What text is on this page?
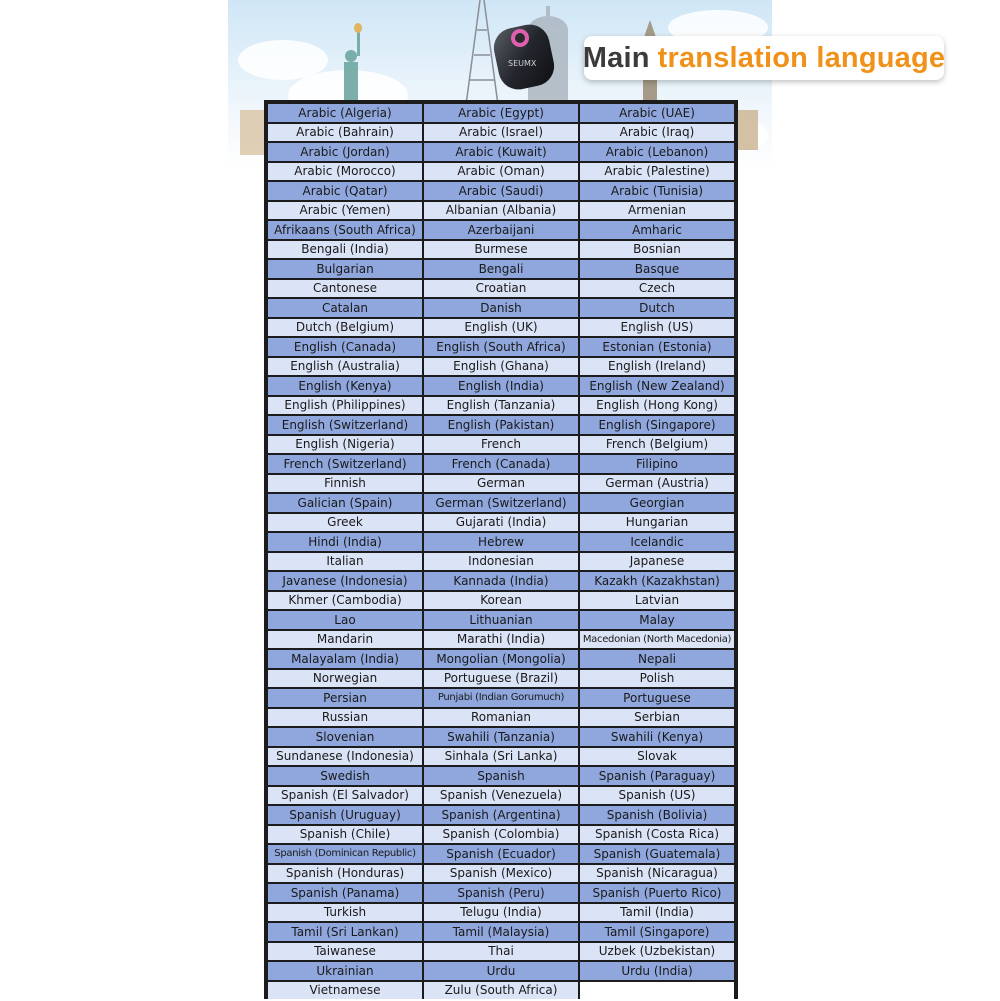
SEUMX Main translation language
Arabic (Algeria)	Arabic (Egypt)	Arabic (UAE)
Arabic (Bahrain)	Arabic (Israel)	Arabic (Iraq)
Arabic (Jordan)	Arabic (Kuwait)	Arabic (Lebanon)
Arabic (Morocco)	Arabic (Oman)	Arabic (Palestine)
Arabic (Qatar)	Arabic (Saudi)	Arabic (Tunisia)
Arabic (Yemen)	Albanian (Albania)	Armenian
Afrikaans (South Africa)	Azerbaijani	Amharic
Bengali (India)	Burmese	Bosnian
Bulgarian	Bengali	Basque
Cantonese	Croatian	Czech
Catalan	Danish	Dutch
Dutch (Belgium)	English (UK)	English (US)
English (Canada)	English (South Africa)	Estonian (Estonia)
English (Australia)	English (Ghana)	English (Ireland)
English (Kenya)	English (India)	English (New Zealand)
English (Philippines)	English (Tanzania)	English (Hong Kong)
English (Switzerland)	English (Pakistan)	English (Singapore)
English (Nigeria)	French	French (Belgium)
French (Switzerland)	French (Canada)	Filipino
Finnish	German	German (Austria)
Galician (Spain)	German (Switzerland)	Georgian
Greek	Gujarati (India)	Hungarian
Hindi (India)	Hebrew	Icelandic
Italian	Indonesian	Japanese
Javanese (Indonesia)	Kannada (India)	Kazakh (Kazakhstan)
Khmer (Cambodia)	Korean	Latvian
Lao	Lithuanian	Malay
Mandarin	Marathi (India)	Macedonian (North Macedonia)
Malayalam (India)	Mongolian (Mongolia)	Nepali
Norwegian	Portuguese (Brazil)	Polish
Persian	Punjabi (Indian Gorumuch)	Portuguese
Russian	Romanian	Serbian
Slovenian	Swahili (Tanzania)	Swahili (Kenya)
Sundanese (Indonesia)	Sinhala (Sri Lanka)	Slovak
Swedish	Spanish	Spanish (Paraguay)
Spanish (El Salvador)	Spanish (Venezuela)	Spanish (US)
Spanish (Uruguay)	Spanish (Argentina)	Spanish (Bolivia)
Spanish (Chile)	Spanish (Colombia)	Spanish (Costa Rica)
Spanish (Dominican Republic)	Spanish (Ecuador)	Spanish (Guatemala)
Spanish (Honduras)	Spanish (Mexico)	Spanish (Nicaragua)
Spanish (Panama)	Spanish (Peru)	Spanish (Puerto Rico)
Turkish	Telugu (India)	Tamil (India)
Tamil (Sri Lankan)	Tamil (Malaysia)	Tamil (Singapore)
Taiwanese	Thai	Uzbek (Uzbekistan)
Ukrainian	Urdu	Urdu (India)
Vietnamese	Zulu (South Africa)	
